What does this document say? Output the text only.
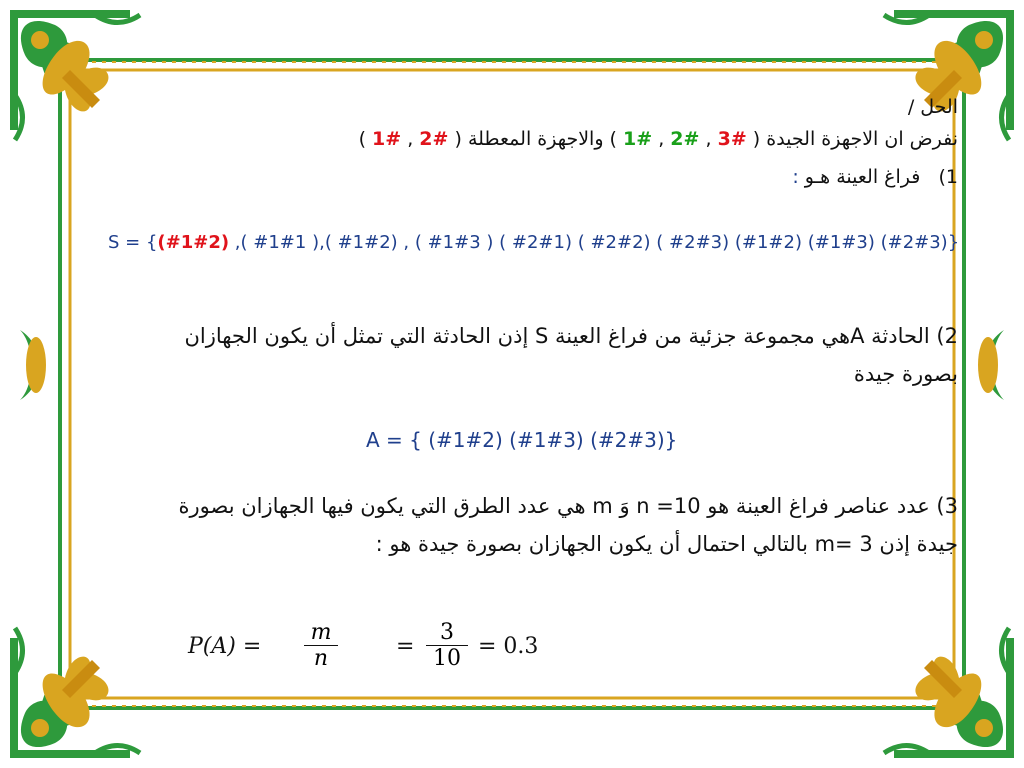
الحل /
نفرض ان الاجهزة الجيدة ( #3 , #2 , #1 ) والاجهزة المعطلة ( #2 , #1 )
1)   فراغ العينة هـو :
S = {(#1#2) ,( #1#1 ),( #1#2) , ( #1#3 ) ( #2#1) ( #2#2) ( #2#3) (#1#2) (#1#3) (#2#3)}
2) الحادثة Aهي مجموعة جزئية من فراغ العينة S إذن الحادثة التي تمثل أن يكون الجهازان
بصورة جيدة
A = { (#1#2) (#1#3) (#2#3)}
3) عدد عناصر فراغ العينة هو n =10 وَ m هي عدد الطرق التي يكون فيها الجهازان بصورة
جيدة إذن m= 3 بالتالي احتمال أن يكون الجهازان بصورة جيدة هو :
$P(A) = \frac{m}{n}$	= $\frac{3}{10} = 0.3$
